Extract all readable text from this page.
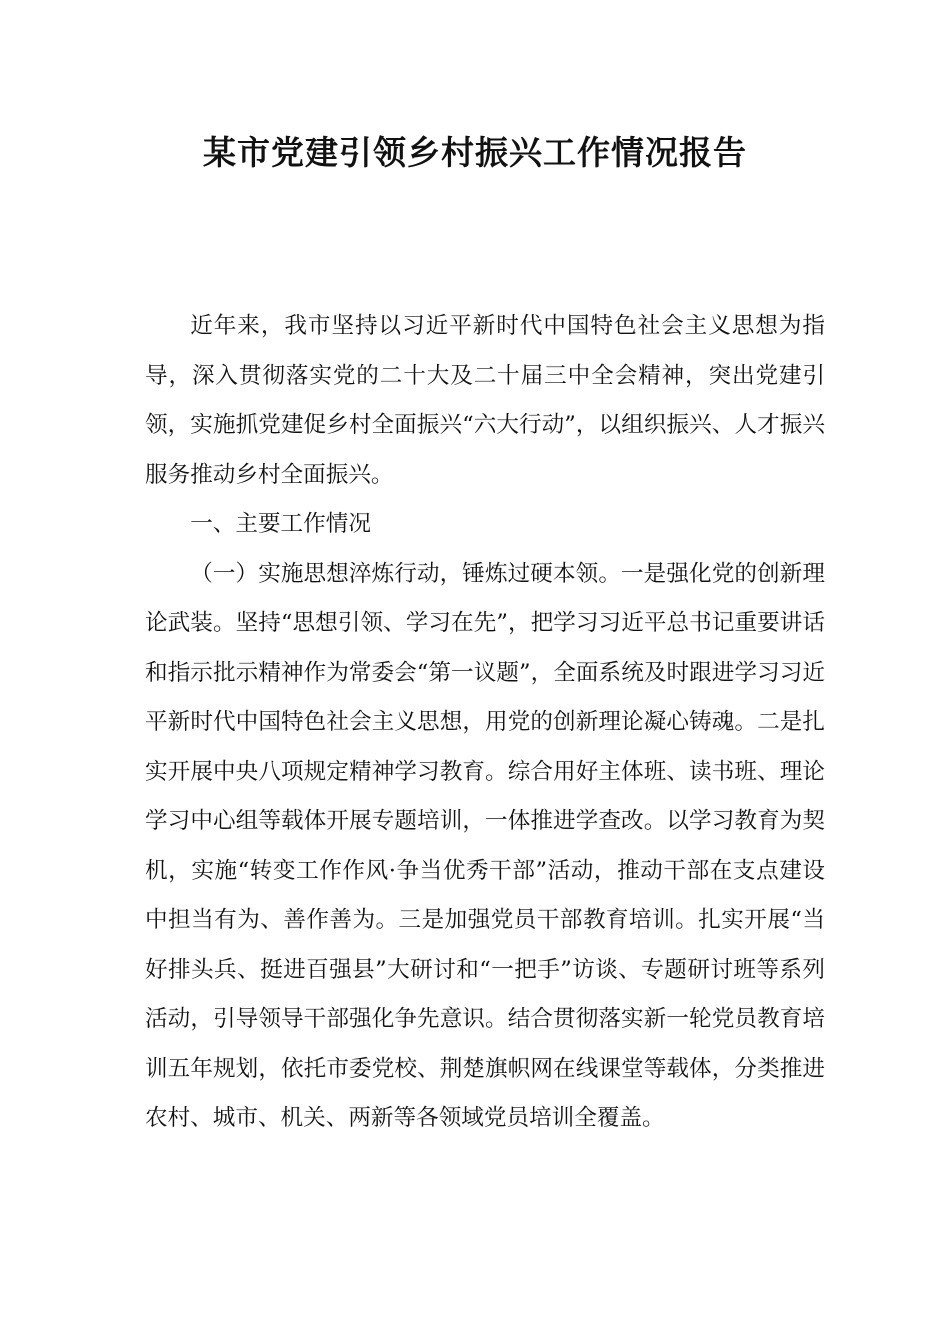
某市党建引领乡村振兴工作情况报告

近年来，我市坚持以习近平新时代中国特色社会主义思想为指导，深入贯彻落实党的二十大及二十届三中全会精神，突出党建引领，实施抓党建促乡村全面振兴“六大行动”，以组织振兴、人才振兴服务推动乡村全面振兴。

一、主要工作情况

（一）实施思想淬炼行动，锤炼过硬本领。一是强化党的创新理论武装。坚持“思想引领、学习在先”，把学习习近平总书记重要讲话和指示批示精神作为常委会“第一议题”，全面系统及时跟进学习习近平新时代中国特色社会主义思想，用党的创新理论凝心铸魂。二是扎实开展中央八项规定精神学习教育。综合用好主体班、读书班、理论学习中心组等载体开展专题培训，一体推进学查改。以学习教育为契机，实施“转变工作作风·争当优秀干部”活动，推动干部在支点建设中担当有为、善作善为。三是加强党员干部教育培训。扎实开展“当好排头兵、挺进百强县”大研讨和“一把手”访谈、专题研讨班等系列活动，引导领导干部强化争先意识。结合贯彻落实新一轮党员教育培训五年规划，依托市委党校、荆楚旗帜网在线课堂等载体，分类推进农村、城市、机关、两新等各领域党员培训全覆盖。
